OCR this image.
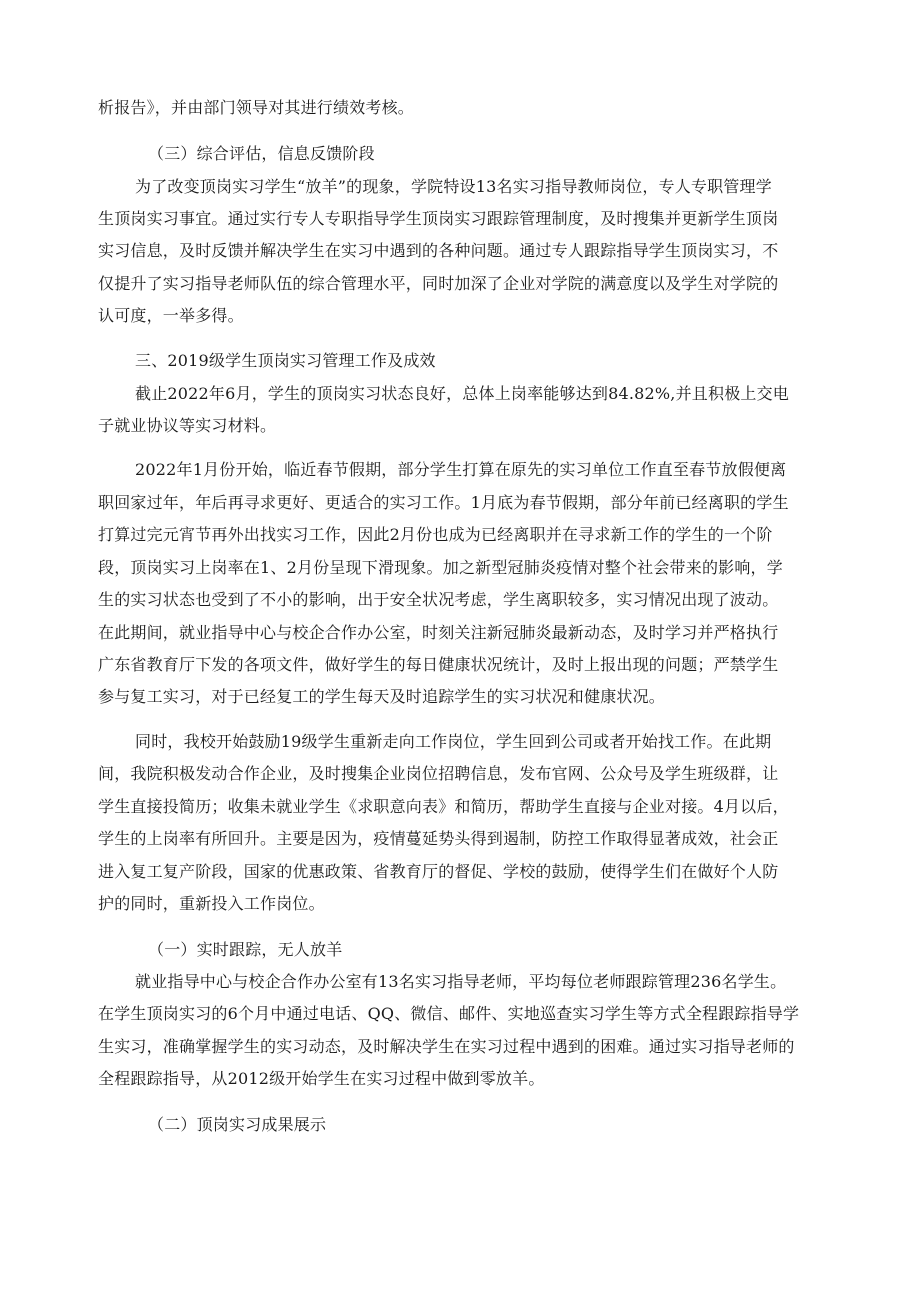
析报告》，并由部门领导对其进行绩效考核。
（三）综合评估，信息反馈阶段
为了改变顶岗实习学生“放羊”的现象，学院特设13名实习指导教师岗位，专人专职管理学
生顶岗实习事宜。通过实行专人专职指导学生顶岗实习跟踪管理制度，及时搜集并更新学生顶岗
实习信息，及时反馈并解决学生在实习中遇到的各种问题。通过专人跟踪指导学生顶岗实习，不
仅提升了实习指导老师队伍的综合管理水平，同时加深了企业对学院的满意度以及学生对学院的
认可度，一举多得。
三、2019级学生顶岗实习管理工作及成效
截止2022年6月，学生的顶岗实习状态良好，总体上岗率能够达到84.82%,并且积极上交电
子就业协议等实习材料。
2022年1月份开始，临近春节假期，部分学生打算在原先的实习单位工作直至春节放假便离
职回家过年，年后再寻求更好、更适合的实习工作。1月底为春节假期，部分年前已经离职的学生
打算过完元宵节再外出找实习工作，因此2月份也成为已经离职并在寻求新工作的学生的一个阶
段，顶岗实习上岗率在1、2月份呈现下滑现象。加之新型冠肺炎疫情对整个社会带来的影响，学
生的实习状态也受到了不小的影响，出于安全状况考虑，学生离职较多，实习情况出现了波动。
在此期间，就业指导中心与校企合作办公室，时刻关注新冠肺炎最新动态，及时学习并严格执行
广东省教育厅下发的各项文件，做好学生的每日健康状况统计，及时上报出现的问题；严禁学生
参与复工实习，对于已经复工的学生每天及时追踪学生的实习状况和健康状况。
同时，我校开始鼓励19级学生重新走向工作岗位，学生回到公司或者开始找工作。在此期
间，我院积极发动合作企业，及时搜集企业岗位招聘信息，发布官网、公众号及学生班级群，让
学生直接投简历；收集未就业学生《求职意向表》和简历，帮助学生直接与企业对接。4月以后，
学生的上岗率有所回升。主要是因为，疫情蔓延势头得到遏制，防控工作取得显著成效，社会正
进入复工复产阶段，国家的优惠政策、省教育厅的督促、学校的鼓励，使得学生们在做好个人防
护的同时，重新投入工作岗位。
（一）实时跟踪，无人放羊
就业指导中心与校企合作办公室有13名实习指导老师，平均每位老师跟踪管理236名学生。
在学生顶岗实习的6个月中通过电话、QQ、微信、邮件、实地巡查实习学生等方式全程跟踪指导学
生实习，准确掌握学生的实习动态，及时解决学生在实习过程中遇到的困难。通过实习指导老师的
全程跟踪指导，从2012级开始学生在实习过程中做到零放羊。
（二）顶岗实习成果展示
